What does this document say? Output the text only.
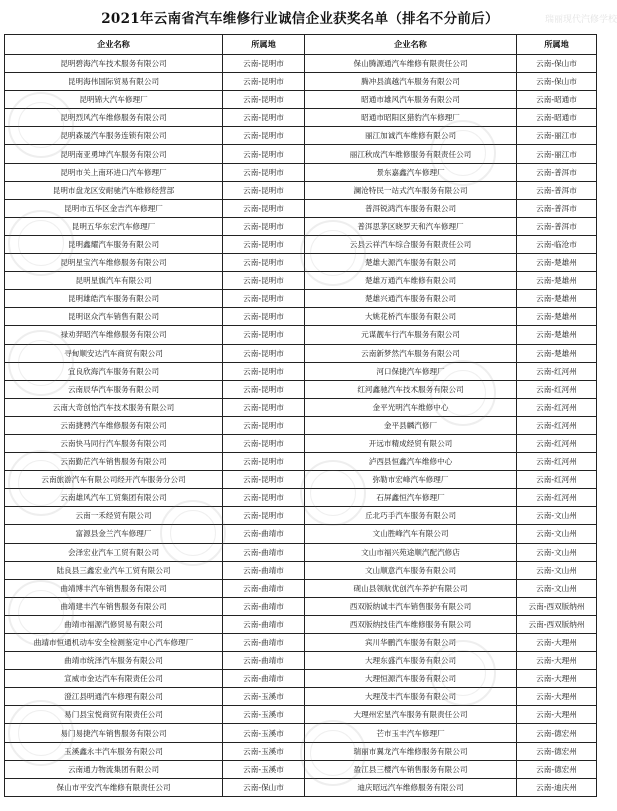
2021年云南省汽车维修行业诚信企业获奖名单（排名不分前后）
企业名称	所属地	企业名称	所属地
昆明碧海汽车技术服务有限公司	云南-昆明市	保山腾源通汽车维修有限责任公司	云南-保山市
昆明海伟国际贸易有限公司	云南-昆明市	腾冲县滇越汽车服务有限公司	云南-保山市
昆明锦大汽车修理厂	云南-昆明市	昭通市雄风汽车服务有限公司	云南-昭通市
昆明烈风汽车维修服务有限公司	云南-昆明市	昭通市昭阳区猎豹汽车修理厂	云南-昭通市
昆明森晟汽车服务连锁有限公司	云南-昆明市	丽江加诚汽车维修有限公司	云南-丽江市
昆明南亚勇坤汽车服务有限公司	云南-昆明市	丽江秋成汽车维修服务有限责任公司	云南-丽江市
昆明市关上南环进口汽车修理厂	云南-昆明市	景东嘉鑫汽车修理厂	云南-普洱市
昆明市盘龙区安耐驰汽车维修经营部	云南-昆明市	澜沧特民一站式汽车服务有限公司	云南-普洱市
昆明市五华区金吉汽车修理厂	云南-昆明市	普洱锐鸿汽车服务有限公司	云南-普洱市
昆明五华东宏汽车修理厂	云南-昆明市	普洱思茅区晓罗天和汽车修理厂	云南-普洱市
昆明鑫耀汽车服务有限公司	云南-昆明市	云县云祥汽车综合服务有限责任公司	云南-临沧市
昆明星宝汽车维修服务有限公司	云南-昆明市	楚雄大源汽车服务有限公司	云南-楚雄州
昆明星旗汽车有限公司	云南-昆明市	楚雄万通汽车维修有限公司	云南-楚雄州
昆明雄皓汽车服务有限公司	云南-昆明市	楚雄兴通汽车服务有限公司	云南-楚雄州
昆明讴众汽车销售有限公司	云南-昆明市	大姚花桥汽车服务有限公司	云南-楚雄州
禄劝羿昭汽车维修服务有限公司	云南-昆明市	元谋靓车行汽车服务有限公司	云南-楚雄州
寻甸顺安达汽车商贸有限公司	云南-昆明市	云南新梦然汽车服务有限公司	云南-楚雄州
宜良欣海汽车服务有限公司	云南-昆明市	河口保捷汽车修理厂	云南-红河州
云南辰华汽车服务有限公司	云南-昆明市	红河鑫驰汽车技术服务有限公司	云南-红河州
云南大奇创怡汽车技术服务有限公司	云南-昆明市	金平光明汽车维修中心	云南-红河州
云南捷骋汽车维修服务有限公司	云南-昆明市	金平县麟汽修厂	云南-红河州
云南快马同行汽车服务有限公司	云南-昆明市	开远市精成经贸有限公司	云南-红河州
云南勤茫汽车销售服务有限公司	云南-昆明市	泸西县恒鑫汽车维修中心	云南-红河州
云南旅游汽车有限公司经开汽车服务分公司	云南-昆明市	弥勒市宏峰汽车修理厂	云南-红河州
云南雄风汽车工贸集团有限公司	云南-昆明市	石屏鑫恒汽车修理厂	云南-红河州
云南一禾经贸有限公司	云南-昆明市	丘北巧手汽车服务有限公司	云南-文山州
富源县金兰汽车修理厂	云南-曲靖市	文山胜峰汽车有限公司	云南-文山州
会泽宏业汽车工贸有限公司	云南-曲靖市	文山市福兴苑途顺汽配汽修店	云南-文山州
陆良县三鑫宏业汽车工贸有限公司	云南-曲靖市	文山顺意汽车服务有限公司	云南-文山州
曲靖博丰汽车销售服务有限公司	云南-曲靖市	砚山县领航优创汽车养护有限公司	云南-文山州
曲靖建丰汽车销售服务有限公司	云南-曲靖市	西双版纳诚丰汽车销售服务有限公司	云南-西双版纳州
曲靖市福源汽修贸易有限公司	云南-曲靖市	西双版纳技佳汽车维修服务有限公司	云南-西双版纳州
曲靖市恒通机动车安全检测鉴定中心汽车修理厂	云南-曲靖市	宾川华鹏汽车服务有限公司	云南-大理州
曲靖市统泽汽车服务有限公司	云南-曲靖市	大理东盛汽车服务有限公司	云南-大理州
宣威市金达汽车有限责任公司	云南-曲靖市	大理恒源汽车服务有限公司	云南-大理州
澄江县明通汽车修理有限公司	云南-玉溪市	大理茂丰汽车服务有限公司	云南-大理州
易门县宝悦商贸有限责任公司	云南-玉溪市	大理州宏星汽车服务有限责任公司	云南-大理州
易门易捷汽车销售服务有限公司	云南-玉溪市	芒市玉丰汽车修理厂	云南-德宏州
玉溪鑫永丰汽车服务有限公司	云南-玉溪市	瑞丽市翼龙汽车维修服务有限公司	云南-德宏州
云南通力物流集团有限公司	云南-玉溪市	盈江县三樱汽车销售服务有限公司	云南-德宏州
保山市平安汽车维修有限责任公司	云南-保山市	迪庆昭远汽车维修服务有限公司	云南-迪庆州
瑞丽现代汽修学校
